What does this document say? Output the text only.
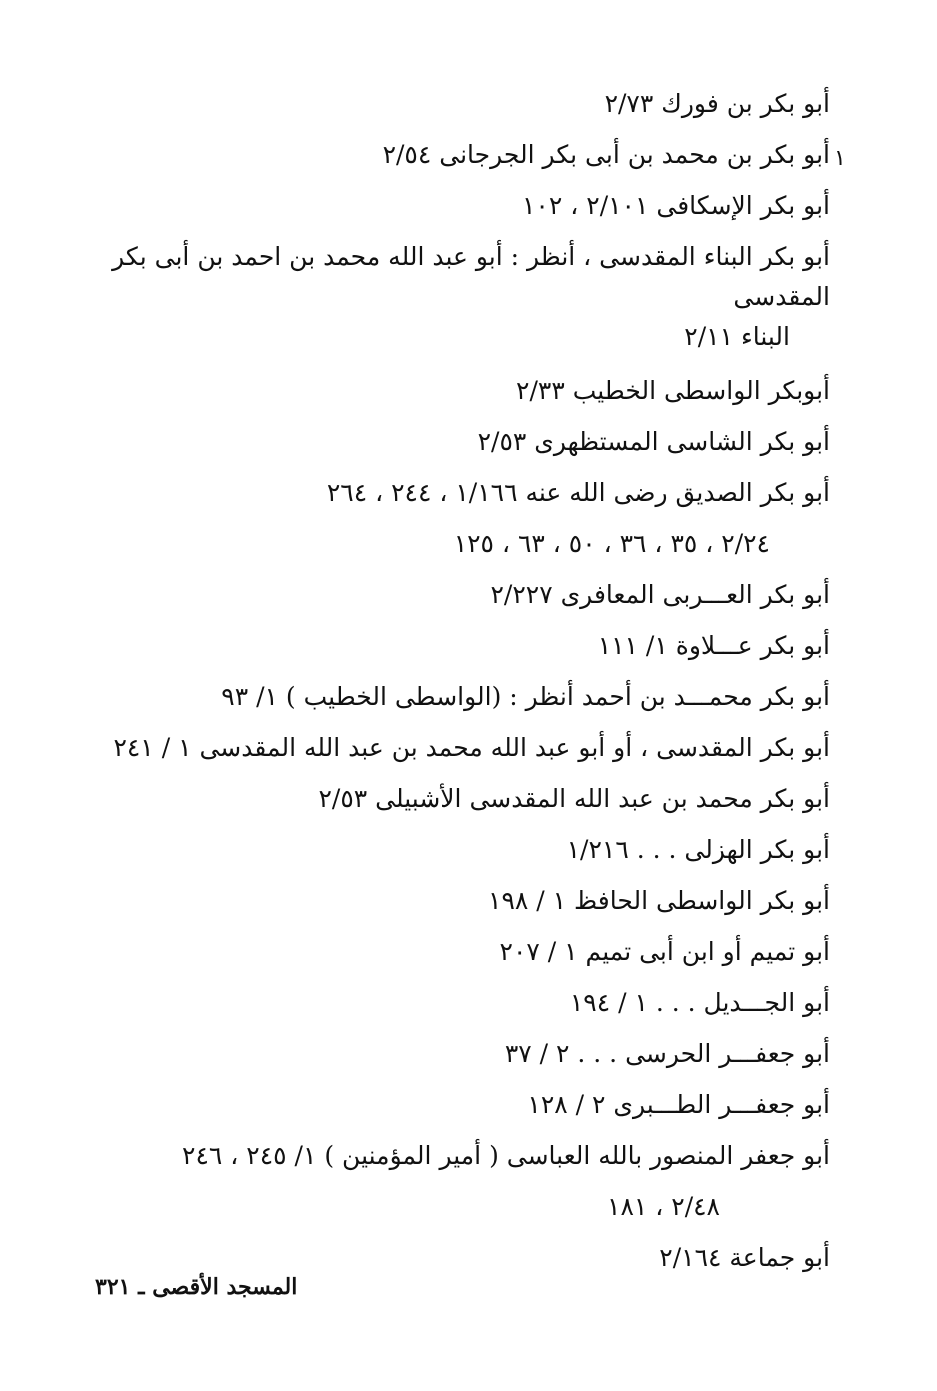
۱
أبو بكر بن فورك ٢/٧٣
أبو بكر بن محمد بن أبى بكر الجرجانى ٢/٥٤
أبو بكر الإسكافى ٢/١٠١ ، ١٠٢
أبو بكر البناء المقدسى ، أنظر : أبو عبد الله محمد بن احمد بن أبى بكر المقدسى
البناء ٢/١١
أبوبكر الواسطى الخطيب ٢/٣٣
أبو بكر الشاسى المستظهرى ٢/٥٣
أبو بكر الصديق رضى الله عنه ١/١٦٦ ، ٢٤٤ ، ٢٦٤
٢/٢٤ ، ٣٥ ، ٣٦ ، ٥٠ ، ٦٣ ، ١٢٥
أبو بكر العـــربى المعافرى ٢/٢٢٧
أبو بكر عـــلاوة ١/ ١١١
أبو بكر محمـــد بن أحمد أنظر : (الواسطى الخطيب ) ١/ ٩٣
أبو بكر المقدسى ، أو أبو عبد الله محمد بن عبد الله المقدسى ١ / ٢٤١
أبو بكر محمد بن عبد الله المقدسى الأشبيلى ٢/٥٣
أبو بكر الهزلى . . . ١/٢١٦
أبو بكر الواسطى الحافظ ١ / ١٩٨
أبو تميم أو ابن أبى تميم ١ / ٢٠٧
أبو الجـــديل . . . ١ / ١٩٤
أبو جعفـــر الحرسى . . . ٢ / ٣٧
أبو جعفـــر الطـــبرى ٢ / ١٢٨
أبو جعفر المنصور بالله العباسى ( أمير المؤمنين ) ١/ ٢٤٥ ، ٢٤٦
٢/٤٨ ، ١٨١
أبو جماعة ٢/١٦٤
المسجد الأقصى ـ ٣٢١
